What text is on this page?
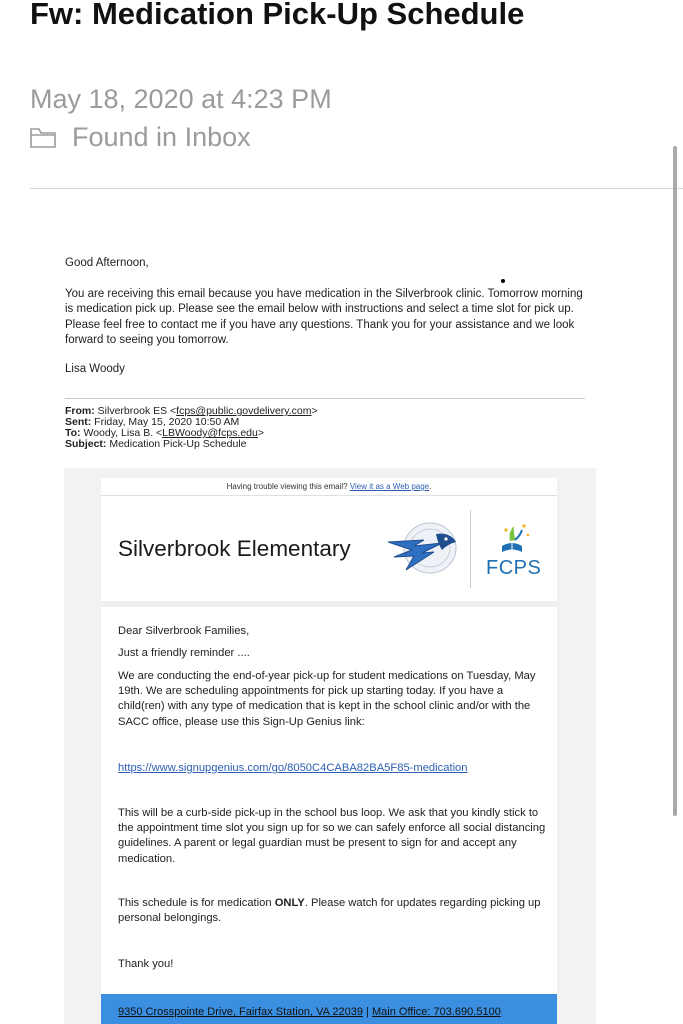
Fw: Medication Pick-Up Schedule
May 18, 2020 at 4:23 PM
Found in Inbox
Good Afternoon,
You are receiving this email because you have medication in the Silverbrook clinic. Tomorrow morning is medication pick up. Please see the email below with instructions and select a time slot for pick up. Please feel free to contact me if you have any questions. Thank you for your assistance and we look forward to seeing you tomorrow.
Lisa Woody
From: Silverbrook ES <fcps@public.govdelivery.com>
Sent: Friday, May 15, 2020 10:50 AM
To: Woody, Lisa B. <LBWoody@fcps.edu>
Subject: Medication Pick-Up Schedule
Having trouble viewing this email? View it as a Web page.
Silverbrook Elementary
FCPS
Dear Silverbrook Families,
Just a friendly reminder ....
We are conducting the end-of-year pick-up for student medications on Tuesday, May 19th. We are scheduling appointments for pick up starting today. If you have a child(ren) with any type of medication that is kept in the school clinic and/or with the SACC office, please use this Sign-Up Genius link:
https://www.signupgenius.com/go/8050C4CABA82BA5F85-medication
This will be a curb-side pick-up in the school bus loop. We ask that you kindly stick to the appointment time slot you sign up for so we can safely enforce all social distancing guidelines. A parent or legal guardian must be present to sign for and accept any medication.
This schedule is for medication ONLY. Please watch for updates regarding picking up personal belongings.
Thank you!
9350 Crosspointe Drive, Fairfax Station, VA 22039 | Main Office: 703.690.5100
